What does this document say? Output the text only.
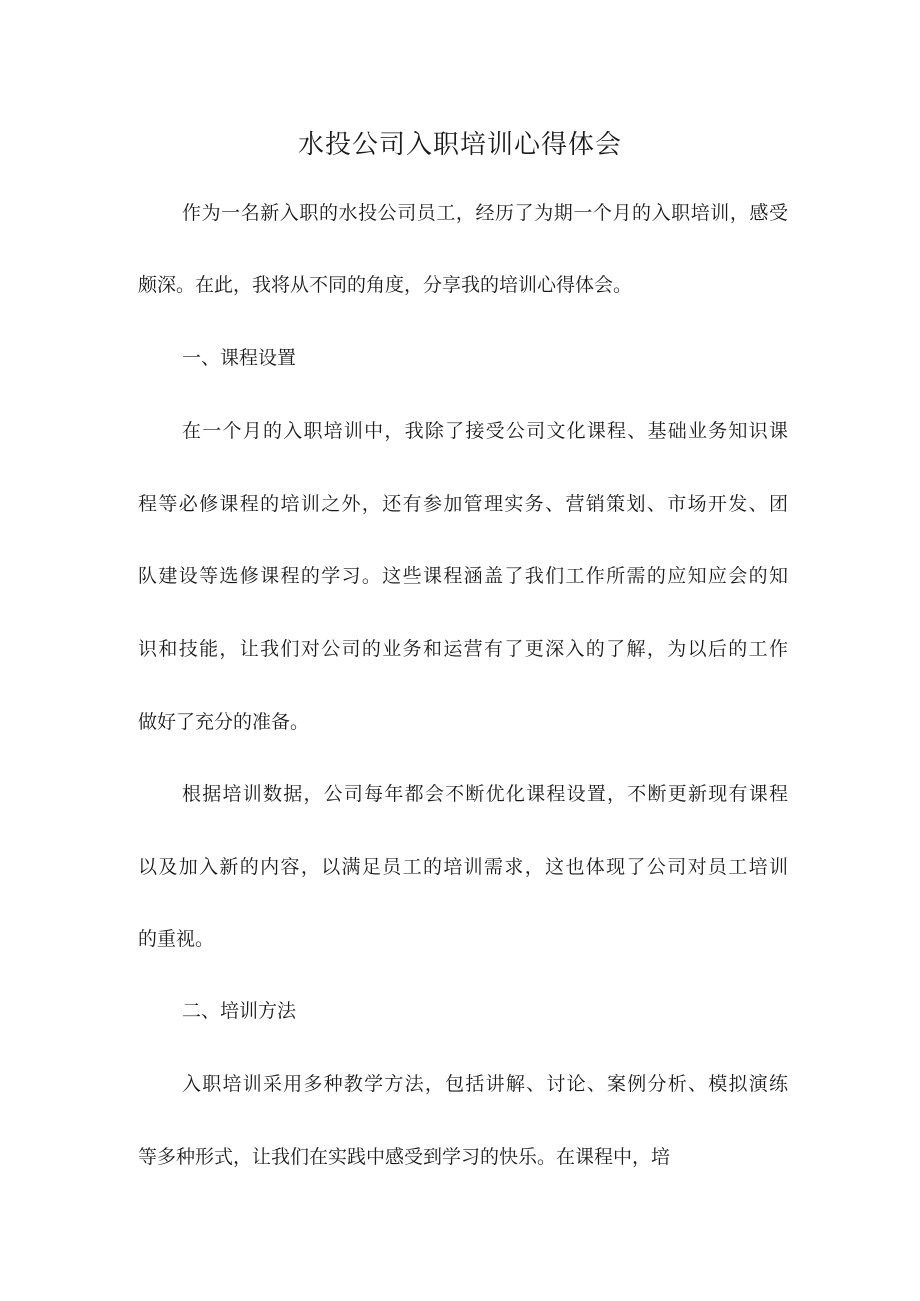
水投公司入职培训心得体会
作为一名新入职的水投公司员工，经历了为期一个月的入职培训，感受
颇深。在此，我将从不同的角度，分享我的培训心得体会。
一、课程设置
在一个月的入职培训中，我除了接受公司文化课程、基础业务知识课
程等必修课程的培训之外，还有参加管理实务、营销策划、市场开发、团
队建设等选修课程的学习。这些课程涵盖了我们工作所需的应知应会的知
识和技能，让我们对公司的业务和运营有了更深入的了解，为以后的工作
做好了充分的准备。
根据培训数据，公司每年都会不断优化课程设置，不断更新现有课程
以及加入新的内容，以满足员工的培训需求，这也体现了公司对员工培训
的重视。
二、培训方法
入职培训采用多种教学方法，包括讲解、讨论、案例分析、模拟演练
等多种形式，让我们在实践中感受到学习的快乐。在课程中，培
